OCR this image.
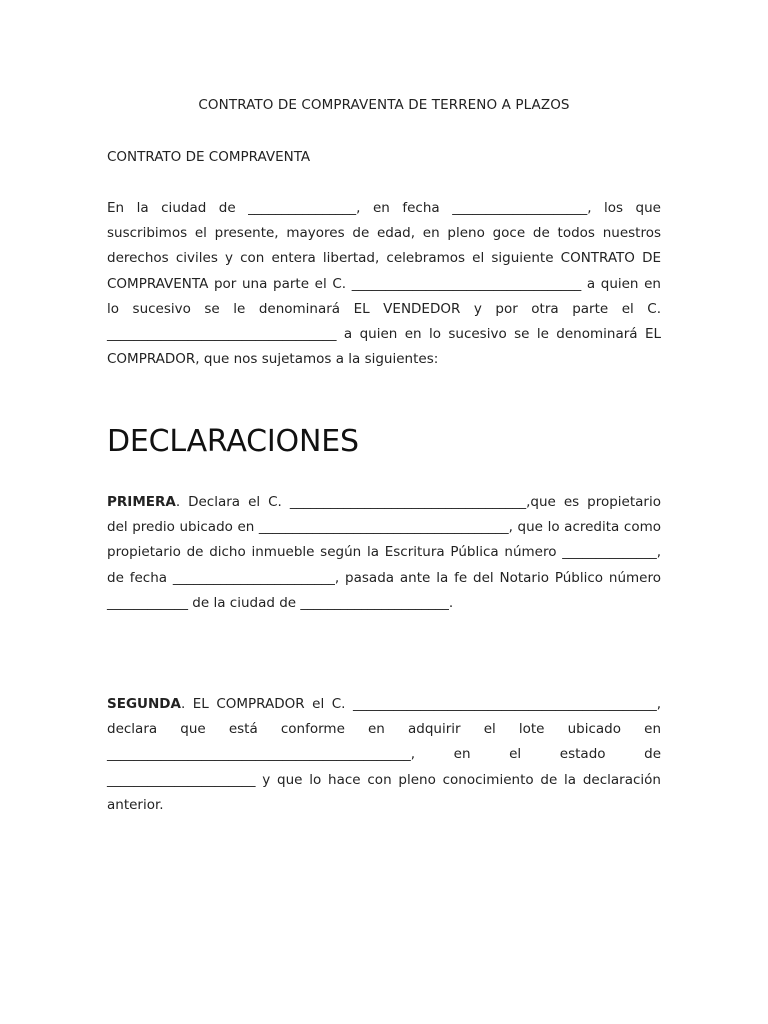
CONTRATO DE COMPRAVENTA DE TERRENO A PLAZOS
CONTRATO DE COMPRAVENTA

En la ciudad de ________________, en fecha ____________________, los que suscribimos el presente, mayores de edad, en pleno goce de todos nuestros derechos civiles y con entera libertad, celebramos el siguiente CONTRATO DE COMPRAVENTA por una parte el C. __________________________________ a quien en lo sucesivo se le denominará EL VENDEDOR y por otra parte el C. __________________________________ a quien en lo sucesivo se le denominará EL COMPRADOR, que nos sujetamos a la siguientes:

DECLARACIONES

PRIMERA. Declara el C. ___________________________________,que es propietario del predio ubicado en _____________________________________, que lo acredita como propietario de dicho inmueble según la Escritura Pública número ______________, de fecha ________________________, pasada ante la fe del Notario Público número ____________ de la ciudad de ______________________.

SEGUNDA. EL COMPRADOR el C. _____________________________________________, declara que está conforme en adquirir el lote ubicado en _____________________________________________, en el estado de ______________________ y que lo hace con pleno conocimiento de la declaración anterior.
